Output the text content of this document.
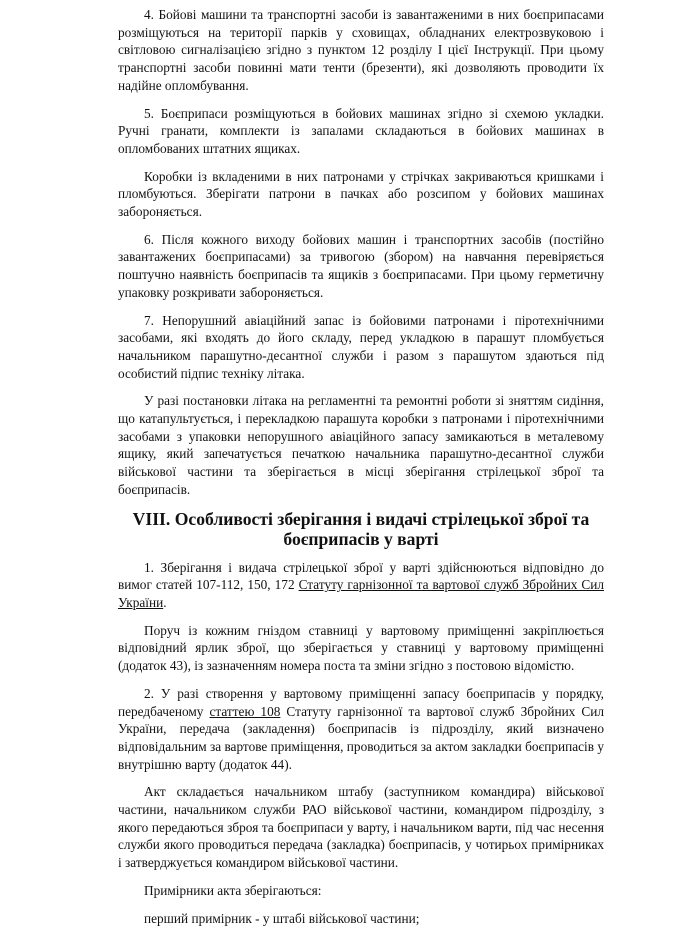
4. Бойові машини та транспортні засоби із завантаженими в них боєприпасами розміщуються на території парків у сховищах, обладнаних електрозвуковою і світловою сигналізацією згідно з пунктом 12 розділу I цієї Інструкції. При цьому транспортні засоби повинні мати тенти (брезенти), які дозволяють проводити їх надійне опломбування.

5. Боєприпаси розміщуються в бойових машинах згідно зі схемою укладки. Ручні гранати, комплекти із запалами складаються в бойових машинах в опломбованих штатних ящиках.

Коробки із вкладеними в них патронами у стрічках закриваються кришками і пломбуються. Зберігати патрони в пачках або розсипом у бойових машинах забороняється.

6. Після кожного виходу бойових машин і транспортних засобів (постійно завантажених боєприпасами) за тривогою (збором) на навчання перевіряється поштучно наявність боєприпасів та ящиків з боєприпасами. При цьому герметичну упаковку розкривати забороняється.

7. Непорушний авіаційний запас із бойовими патронами і піротехнічними засобами, які входять до його складу, перед укладкою в парашут пломбується начальником парашутно-десантної служби і разом з парашутом здаються під особистий підпис техніку літака.

У разі постановки літака на регламентні та ремонтні роботи зі зняттям сидіння, що катапультується, і перекладкою парашута коробки з патронами і піротехнічними засобами з упаковки непорушного авіаційного запасу замикаються в металевому ящику, який запечатується печаткою начальника парашутно-десантної служби військової частини та зберігається в місці зберігання стрілецької зброї та боєприпасів.

VIII. Особливості зберігання і видачі стрілецької зброї та боєприпасів у варті

1. Зберігання і видача стрілецької зброї у варті здійснюються відповідно до вимог статей 107-112, 150, 172 Статуту гарнізонної та вартової служб Збройних Сил України.

Поруч із кожним гніздом ставниці у вартовому приміщенні закріплюється відповідний ярлик зброї, що зберігається у ставниці у вартовому приміщенні (додаток 43), із зазначенням номера поста та зміни згідно з постовою відомістю.

2. У разі створення у вартовому приміщенні запасу боєприпасів у порядку, передбаченому статтею 108 Статуту гарнізонної та вартової служб Збройних Сил України, передача (закладення) боєприпасів із підрозділу, який визначено відповідальним за вартове приміщення, проводиться за актом закладки боєприпасів у внутрішню варту (додаток 44).

Акт складається начальником штабу (заступником командира) військової частини, начальником служби РАО військової частини, командиром підрозділу, з якого передаються зброя та боєприпаси у варту, і начальником варти, під час несення служби якого проводиться передача (закладка) боєприпасів, у чотирьох примірниках і затверджується командиром військової частини.

Примірники акта зберігаються:

перший примірник - у штабі військової частини;
